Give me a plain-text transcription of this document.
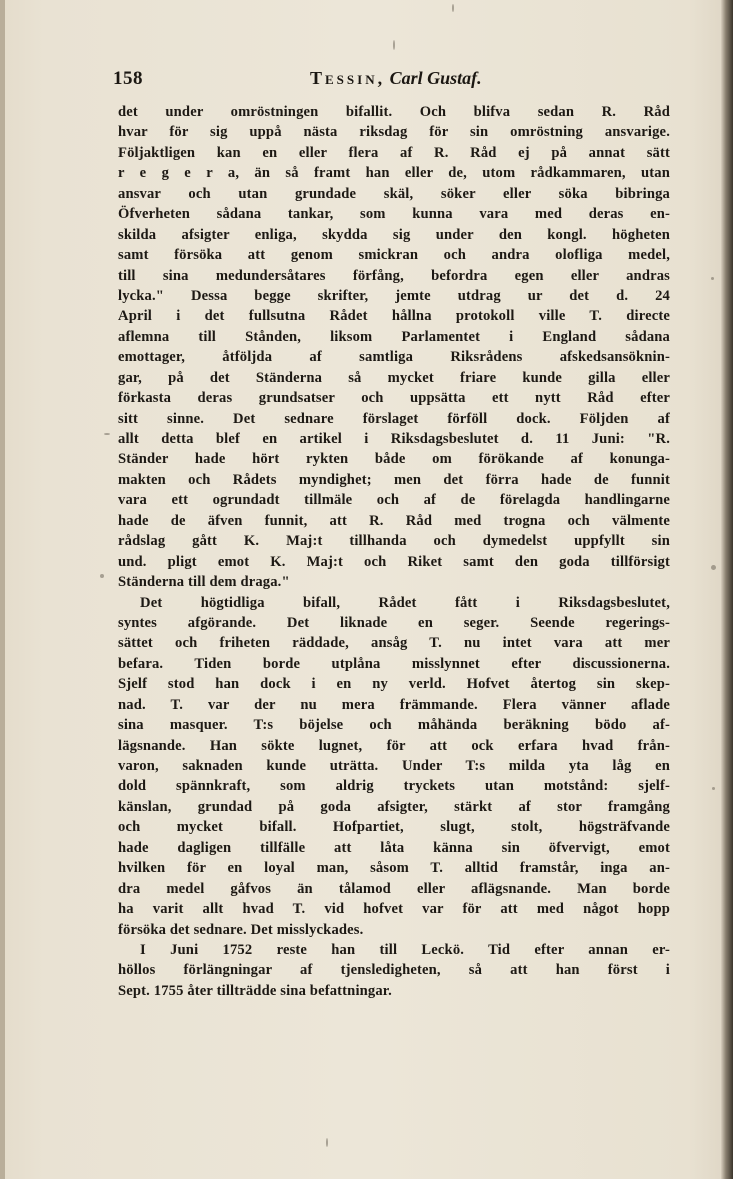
158	Tessin, Carl Gustaf.
det under omröstningen bifallit. Och blifva sedan R. Råd
hvar för sig uppå nästa riksdag för sin omröstning ansvarige.
Följaktligen kan en eller flera af R. Råd ej på annat sätt
r e g e r a, än så framt han eller de, utom rådkammaren, utan
ansvar och utan grundade skäl, söker eller söka bibringa
Öfverheten sådana tankar, som kunna vara med deras en-
skilda afsigter enliga, skydda sig under den kongl. högheten
samt försöka att genom smickran och andra olofliga medel,
till sina medundersåtares förfång, befordra egen eller andras
lycka." Dessa begge skrifter, jemte utdrag ur det d. 24
April i det fullsutna Rådet hållna protokoll ville T. directe
aflemna till Stånden, liksom Parlamentet i England sådana
emottager, åtföljda af samtliga Riksrådens afskedsansöknin-
gar, på det Ständerna så mycket friare kunde gilla eller
förkasta deras grundsatser och uppsätta ett nytt Råd efter
sitt sinne. Det sednare förslaget förföll dock. Följden af
allt detta blef en artikel i Riksdagsbeslutet d. 11 Juni: "R.
Ständer hade hört rykten både om förökande af konunga-
makten och Rådets myndighet; men det förra hade de funnit
vara ett ogrundadt tillmäle och af de förelagda handlingarne
hade de äfven funnit, att R. Råd med trogna och välmente
rådslag gått K. Maj:t tillhanda och dymedelst uppfyllt sin
und. pligt emot K. Maj:t och Riket samt den goda tillförsigt
Ständerna till dem draga."
Det högtidliga bifall, Rådet fått i Riksdagsbeslutet,
syntes afgörande. Det liknade en seger. Seende regerings-
sättet och friheten räddade, ansåg T. nu intet vara att mer
befara. Tiden borde utplåna misslynnet efter discussionerna.
Sjelf stod han dock i en ny verld. Hofvet återtog sin skep-
nad. T. var der nu mera främmande. Flera vänner aflade
sina masquer. T:s böjelse och måhända beräkning bödo af-
lägsnande. Han sökte lugnet, för att ock erfara hvad från-
varon, saknaden kunde uträtta. Under T:s milda yta låg en
dold spännkraft, som aldrig tryckets utan motstånd: sjelf-
känslan, grundad på goda afsigter, stärkt af stor framgång
och mycket bifall. Hofpartiet, slugt, stolt, högsträfvande
hade dagligen tillfälle att låta känna sin öfvervigt, emot
hvilken för en loyal man, såsom T. alltid framstår, inga an-
dra medel gåfvos än tålamod eller aflägsnande. Man borde
ha varit allt hvad T. vid hofvet var för att med något hopp
försöka det sednare. Det misslyckades.
I Juni 1752 reste han till Leckö. Tid efter annan er-
höllos förlängningar af tjensledigheten, så att han först i
Sept. 1755 åter tillträdde sina befattningar.
